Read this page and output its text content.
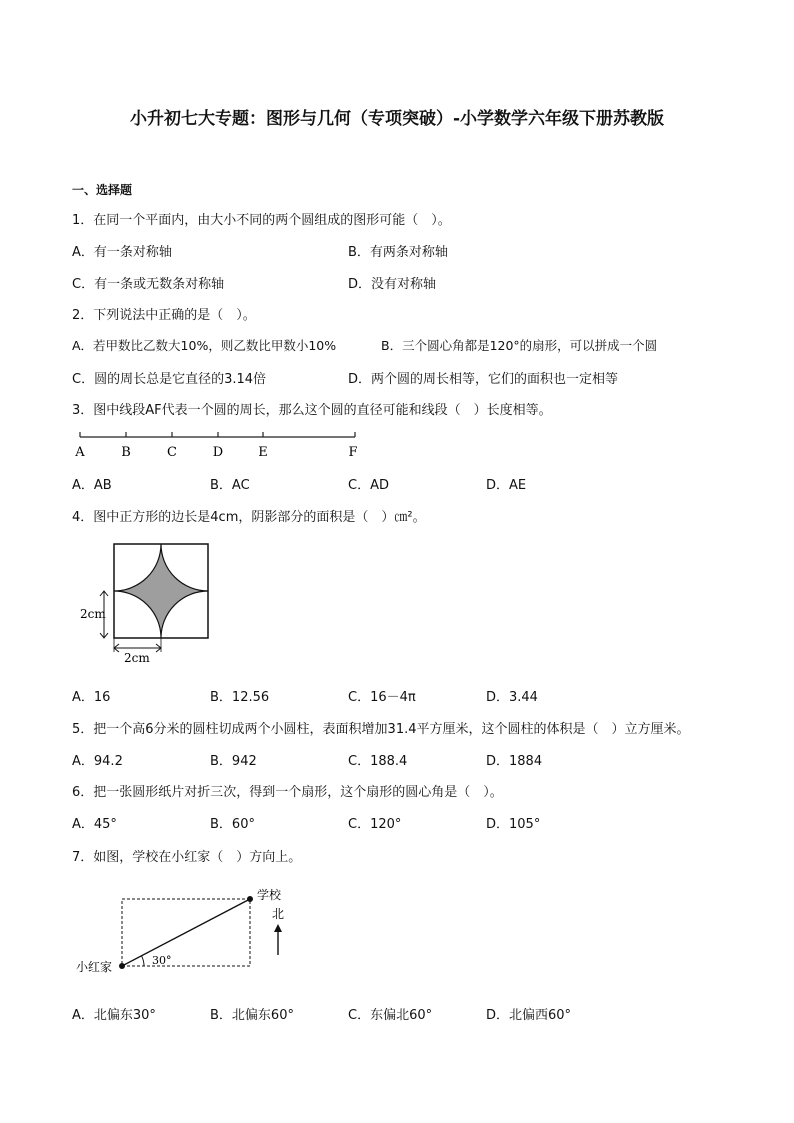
小升初七大专题：图形与几何（专项突破）-小学数学六年级下册苏教版
一、选择题
1．在同一个平面内，由大小不同的两个圆组成的图形可能（　）。
A．有一条对称轴	B．有两条对称轴
C．有一条或无数条对称轴	D．没有对称轴
2．下列说法中正确的是（　）。
A．若甲数比乙数大10%，则乙数比甲数小10%	B．三个圆心角都是120°的扇形，可以拼成一个圆
C．圆的周长总是它直径的3.14倍	D．两个圆的周长相等，它们的面积也一定相等
3．图中线段AF代表一个圆的周长，那么这个圆的直径可能和线段（　）长度相等。
A	B	C	D	E	F
A．AB	B．AC	C．AD	D．AE
4．图中正方形的边长是4cm，阴影部分的面积是（　）㎝²。
2cm
2cm
A．16	B．12.56	C．16－4π	D．3.44
5．把一个高6分米的圆柱切成两个小圆柱，表面积增加31.4平方厘米，这个圆柱的体积是（　）立方厘米。
A．94.2	B．942	C．188.4	D．1884
6．把一张圆形纸片对折三次，得到一个扇形，这个扇形的圆心角是（　）。
A．45°	B．60°	C．120°	D．105°
7．如图，学校在小红家（　）方向上。
30°
学校
北
小红家
A．北偏东30°	B．北偏东60°	C．东偏北60°	D．北偏西60°
